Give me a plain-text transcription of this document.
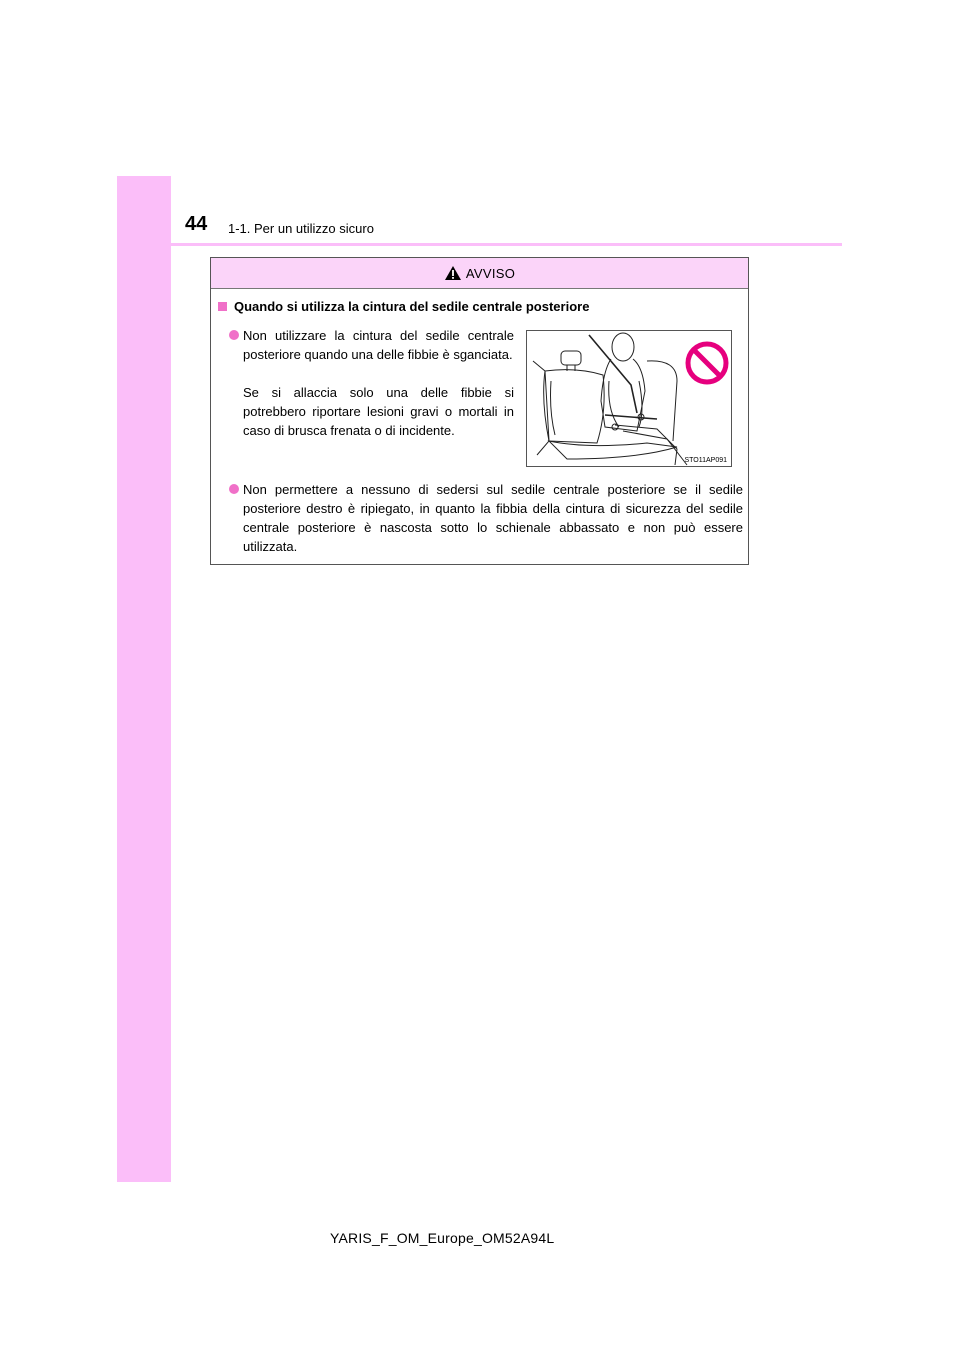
44 1-1. Per un utilizzo sicuro
AVVISO
Quando si utilizza la cintura del sedile centrale posteriore
Non utilizzare la cintura del sedile centrale posteriore quando una delle fibbie è sganciata.
Se si allaccia solo una delle fibbie si potrebbero riportare lesioni gravi o mortali in caso di brusca frenata o di incidente.
STO11AP091
Non permettere a nessuno di sedersi sul sedile centrale posteriore se il sedile posteriore destro è ripiegato, in quanto la fibbia della cintura di sicurezza del sedile centrale posteriore è nascosta sotto lo schienale abbassato e non può essere utilizzata.
YARIS_F_OM_Europe_OM52A94L
